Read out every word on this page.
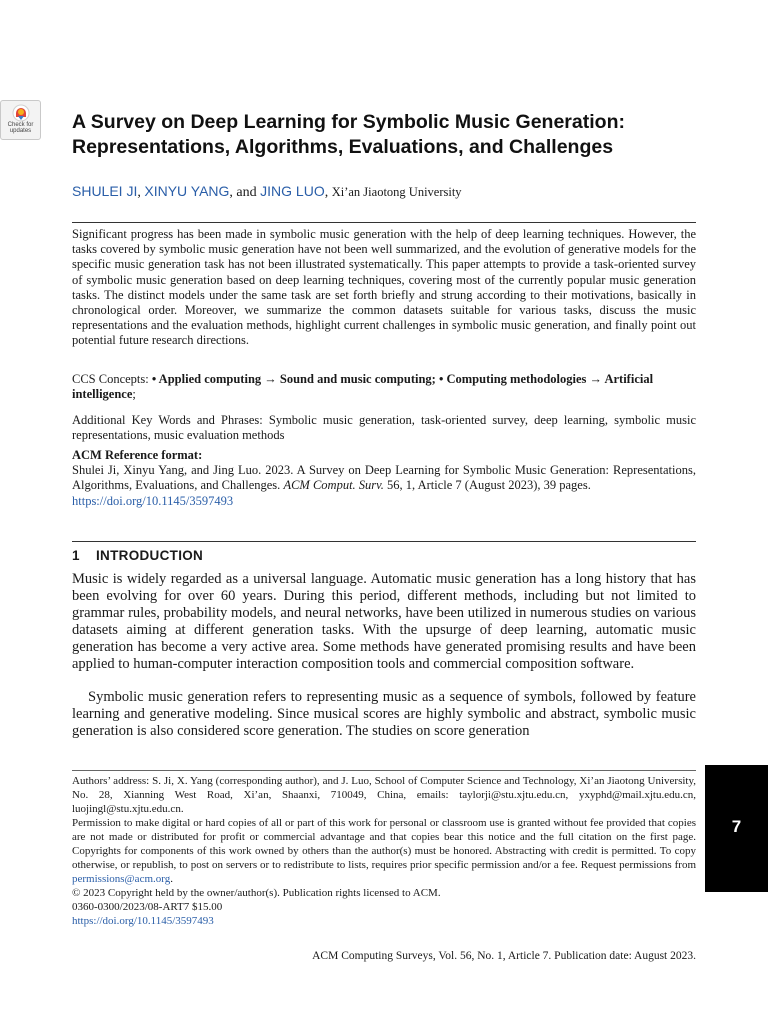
Check for
updates	A Survey on Deep Learning for Symbolic Music Generation:
Representations, Algorithms, Evaluations, and Challenges

SHULEI JI, XINYU YANG, and JING LUO, Xi’an Jiaotong University

Significant progress has been made in symbolic music generation with the help of deep learning techniques. However, the tasks covered by symbolic music generation have not been well summarized, and the evolution of generative models for the specific music generation task has not been illustrated systematically. This paper attempts to provide a task-oriented survey of symbolic music generation based on deep learning techniques, covering most of the currently popular music generation tasks. The distinct models under the same task are set forth briefly and strung according to their motivations, basically in chronological order. Moreover, we summarize the common datasets suitable for various tasks, discuss the music representations and the evaluation methods, highlight current challenges in symbolic music generation, and finally point out potential future research directions.

CCS Concepts: • Applied computing → Sound and music computing; • Computing methodologies → Artificial intelligence;

Additional Key Words and Phrases: Symbolic music generation, task-oriented survey, deep learning, symbolic music representations, music evaluation methods

ACM Reference format:
Shulei Ji, Xinyu Yang, and Jing Luo. 2023. A Survey on Deep Learning for Symbolic Music Generation: Representations, Algorithms, Evaluations, and Challenges. ACM Comput. Surv. 56, 1, Article 7 (August 2023), 39 pages.
https://doi.org/10.1145/3597493

1 INTRODUCTION

Music is widely regarded as a universal language. Automatic music generation has a long history that has been evolving for over 60 years. During this period, different methods, including but not limited to grammar rules, probability models, and neural networks, have been utilized in numerous studies on various datasets aiming at different generation tasks. With the upsurge of deep learning, automatic music generation has become a very active area. Some methods have generated promising results and have been applied to human-computer interaction composition tools and commercial composition software.

Symbolic music generation refers to representing music as a sequence of symbols, followed by feature learning and generative modeling. Since musical scores are highly symbolic and abstract, symbolic music generation is also considered score generation. The studies on score generation

Authors’ address: S. Ji, X. Yang (corresponding author), and J. Luo, School of Computer Science and Technology, Xi’an Jiaotong University, No. 28, Xianning West Road, Xi’an, Shaanxi, 710049, China, emails: taylorji@stu.xjtu.edu.cn, yxyphd@mail.xjtu.edu.cn, luojingl@stu.xjtu.edu.cn.

Permission to make digital or hard copies of all or part of this work for personal or classroom use is granted without fee provided that copies are not made or distributed for profit or commercial advantage and that copies bear this notice and the full citation on the first page. Copyrights for components of this work owned by others than the author(s) must be honored. Abstracting with credit is permitted. To copy otherwise, or republish, to post on servers or to redistribute to lists, requires prior specific permission and/or a fee. Request permissions from permissions@acm.org.

© 2023 Copyright held by the owner/author(s). Publication rights licensed to ACM.

0360-0300/2023/08-ART7 $15.00

https://doi.org/10.1145/3597493

ACM Computing Surveys, Vol. 56, No. 1, Article 7. Publication date: August 2023.

7
